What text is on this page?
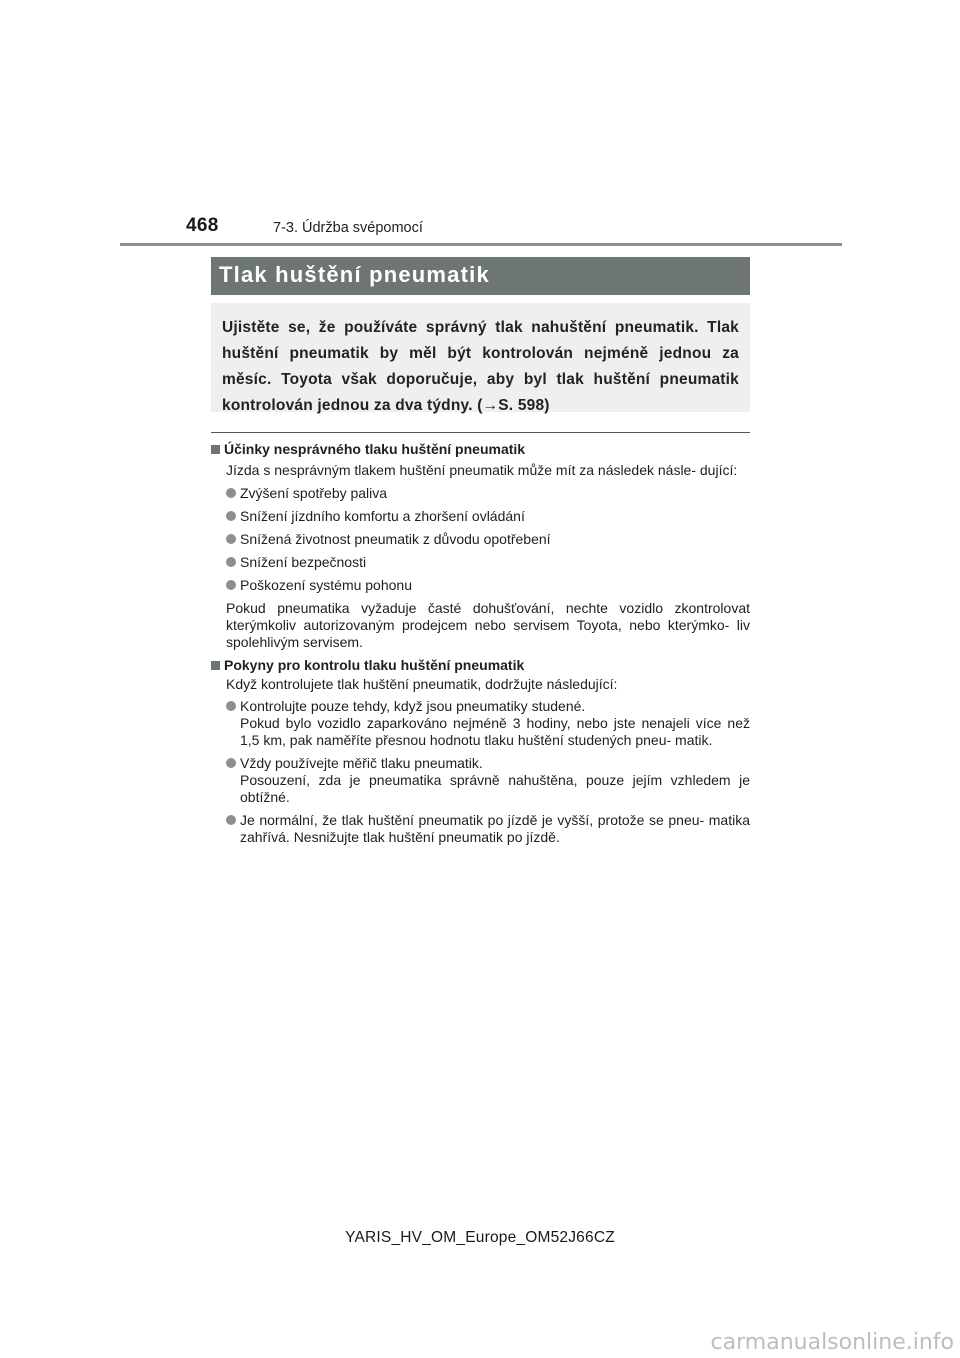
468	7-3. Údržba svépomocí
Tlak huštění pneumatik

Ujistěte se, že používáte správný tlak nahuštění pneumatik. Tlak huštění pneumatik by měl být kontrolován nejméně jednou za měsíc. Toyota však doporučuje, aby byl tlak huštění pneumatik kontrolován jednou za dva týdny. (→S. 598)

Účinky nesprávného tlaku huštění pneumatik

Jízda s nesprávným tlakem huštění pneumatik může mít za následek násle- dující:

Zvýšení spotřeby paliva
Snížení jízdního komfortu a zhoršení ovládání
Snížená životnost pneumatik z důvodu opotřebení
Snížení bezpečnosti
Poškození systému pohonu

Pokud pneumatika vyžaduje časté dohušťování, nechte vozidlo zkontrolovat kterýmkoliv autorizovaným prodejcem nebo servisem Toyota, nebo kterýmko- liv spolehlivým servisem.

Pokyny pro kontrolu tlaku huštění pneumatik

Když kontrolujete tlak huštění pneumatik, dodržujte následující:

Kontrolujte pouze tehdy, když jsou pneumatiky studené.
Pokud bylo vozidlo zaparkováno nejméně 3 hodiny, nebo jste nenajeli více než 1,5 km, pak naměříte přesnou hodnotu tlaku huštění studených pneu- matik.
Vždy používejte měřič tlaku pneumatik.
Posouzení, zda je pneumatika správně nahuštěna, pouze jejím vzhledem je obtížné.
Je normální, že tlak huštění pneumatik po jízdě je vyšší, protože se pneu- matika zahřívá. Nesnižujte tlak huštění pneumatik po jízdě.
YARIS_HV_OM_Europe_OM52J66CZ
carmanualsonline.info
